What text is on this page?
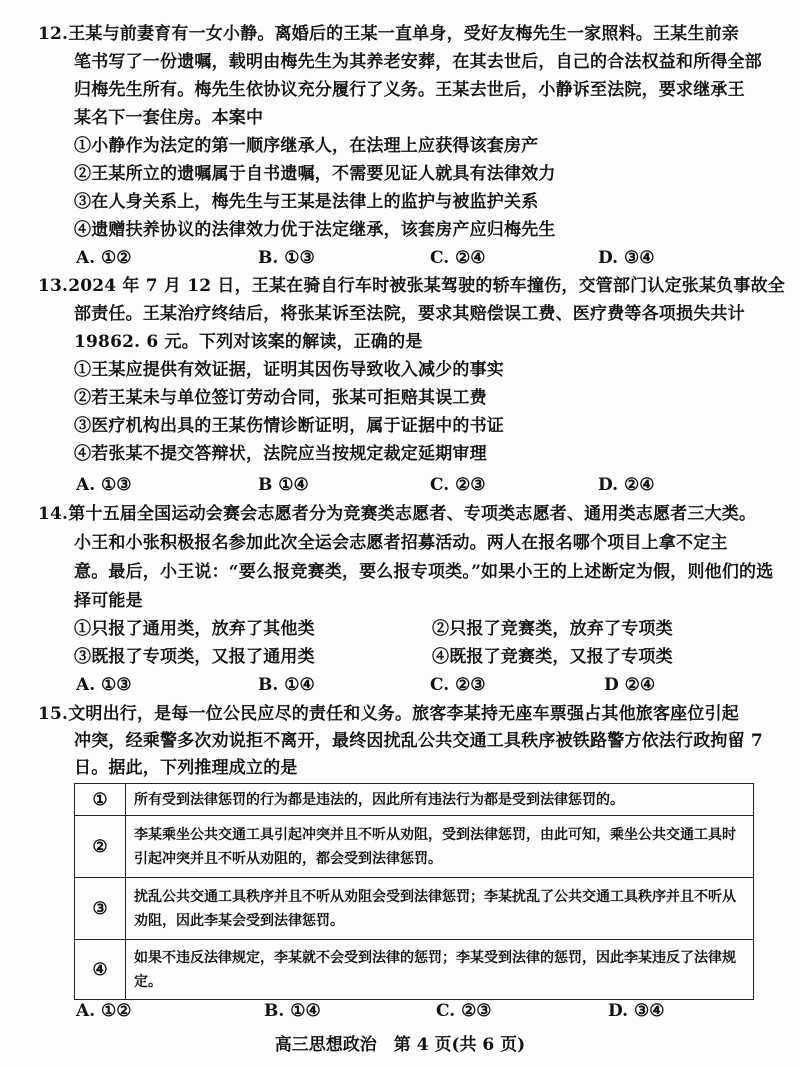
12.王某与前妻育有一女小静。离婚后的王某一直单身，受好友梅先生一家照料。王某生前亲
笔书写了一份遗嘱，载明由梅先生为其养老安葬，在其去世后，自己的合法权益和所得全部
归梅先生所有。梅先生依协议充分履行了义务。王某去世后，小静诉至法院，要求继承王
某名下一套住房。本案中
①小静作为法定的第一顺序继承人，在法理上应获得该套房产
②王某所立的遗嘱属于自书遗嘱，不需要见证人就具有法律效力
③在人身关系上，梅先生与王某是法律上的监护与被监护关系
④遗赠扶养协议的法律效力优于法定继承，该套房产应归梅先生
A. ①②	B. ①③	C. ②④	D. ③④
13.2024 年 7 月 12 日，王某在骑自行车时被张某驾驶的轿车撞伤，交管部门认定张某负事故全
部责任。王某治疗终结后，将张某诉至法院，要求其赔偿误工费、医疗费等各项损失共计
19862. 6 元。下列对该案的解读，正确的是
①王某应提供有效证据，证明其因伤导致收入减少的事实
②若王某未与单位签订劳动合同，张某可拒赔其误工费
③医疗机构出具的王某伤情诊断证明，属于证据中的书证
④若张某不提交答辩状，法院应当按规定裁定延期审理
A. ①③	B ①④	C. ②③	D. ②④
14.第十五届全国运动会赛会志愿者分为竞赛类志愿者、专项类志愿者、通用类志愿者三大类。
小王和小张积极报名参加此次全运会志愿者招募活动。两人在报名哪个项目上拿不定主
意。最后，小王说：“要么报竞赛类，要么报专项类。”如果小王的上述断定为假，则他们的选
择可能是
①只报了通用类，放弃了其他类	②只报了竞赛类，放弃了专项类
③既报了专项类，又报了通用类	④既报了竞赛类，又报了专项类
A. ①③	B. ①④	C. ②③	D ②④
15.文明出行，是每一位公民应尽的责任和义务。旅客李某持无座车票强占其他旅客座位引起
冲突，经乘警多次劝说拒不离开，最终因扰乱公共交通工具秩序被铁路警方依法行政拘留 7
日。据此，下列推理成立的是
①	所有受到法律惩罚的行为都是违法的，因此所有违法行为都是受到法律惩罚的。
②	李某乘坐公共交通工具引起冲突并且不听从劝阻，受到法律惩罚，由此可知，乘坐公共交通工具时引起冲突并且不听从劝阻的，都会受到法律惩罚。
③	扰乱公共交通工具秩序并且不听从劝阻会受到法律惩罚；李某扰乱了公共交通工具秩序并且不听从劝阻，因此李某会受到法律惩罚。
④	如果不违反法律规定，李某就不会受到法律的惩罚；李某受到法律的惩罚，因此李某违反了法律规定。
A. ①②	B. ①④	C. ②③	D. ③④
高三思想政治　第 4 页(共 6 页)
